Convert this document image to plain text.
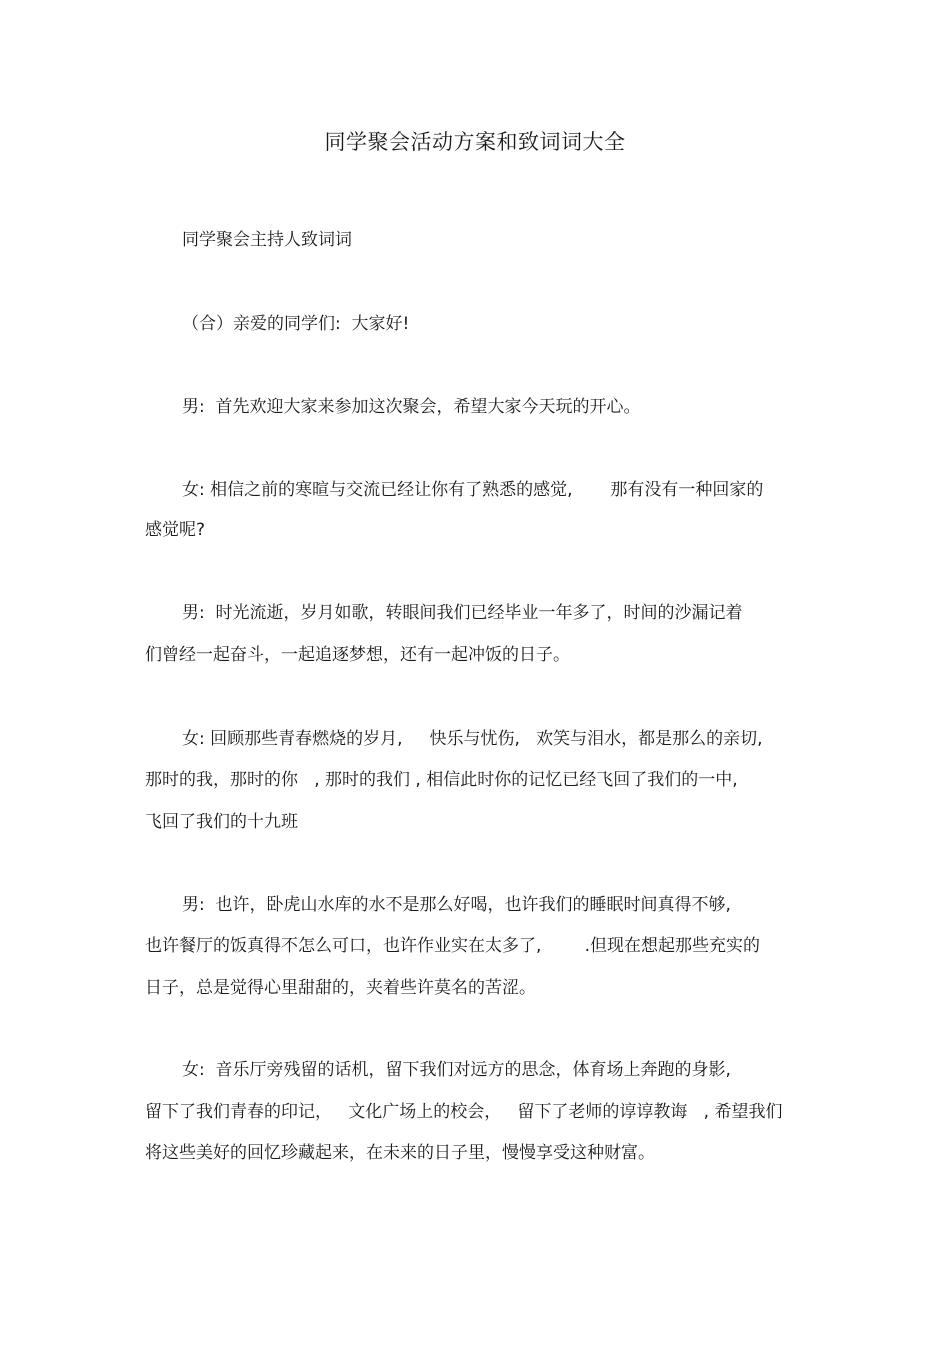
同学聚会活动方案和致词词大全
同学聚会主持人致词词
（合）亲爱的同学们:  大家好!
男:  首先欢迎大家来参加这次聚会，希望大家今天玩的开心。
女: 相信之前的寒暄与交流已经让你有了熟悉的感觉,       那有没有一种回家的
感觉呢?
男:  时光流逝，岁月如歌，转眼间我们已经毕业一年多了，时间的沙漏记着
们曾经一起奋斗，一起追逐梦想，还有一起冲饭的日子。
女: 回顾那些青春燃烧的岁月,     快乐与忧伤,   欢笑与泪水，都是那么的亲切,
那时的我，那时的你   , 那时的我们 , 相信此时你的记忆已经飞回了我们的一中,
飞回了我们的十九班
男:  也许，卧虎山水库的水不是那么好喝，也许我们的睡眠时间真得不够,
也许餐厅的饭真得不怎么可口，也许作业实在太多了,        .但现在想起那些充实的
日子，总是觉得心里甜甜的，夹着些许莫名的苦涩。
女:  音乐厅旁残留的话机，留下我们对远方的思念，体育场上奔跑的身影,
留下了我们青春的印记，   文化广场上的校会，   留下了老师的谆谆教诲   , 希望我们
将这些美好的回忆珍藏起来，在未来的日子里，慢慢享受这种财富。
